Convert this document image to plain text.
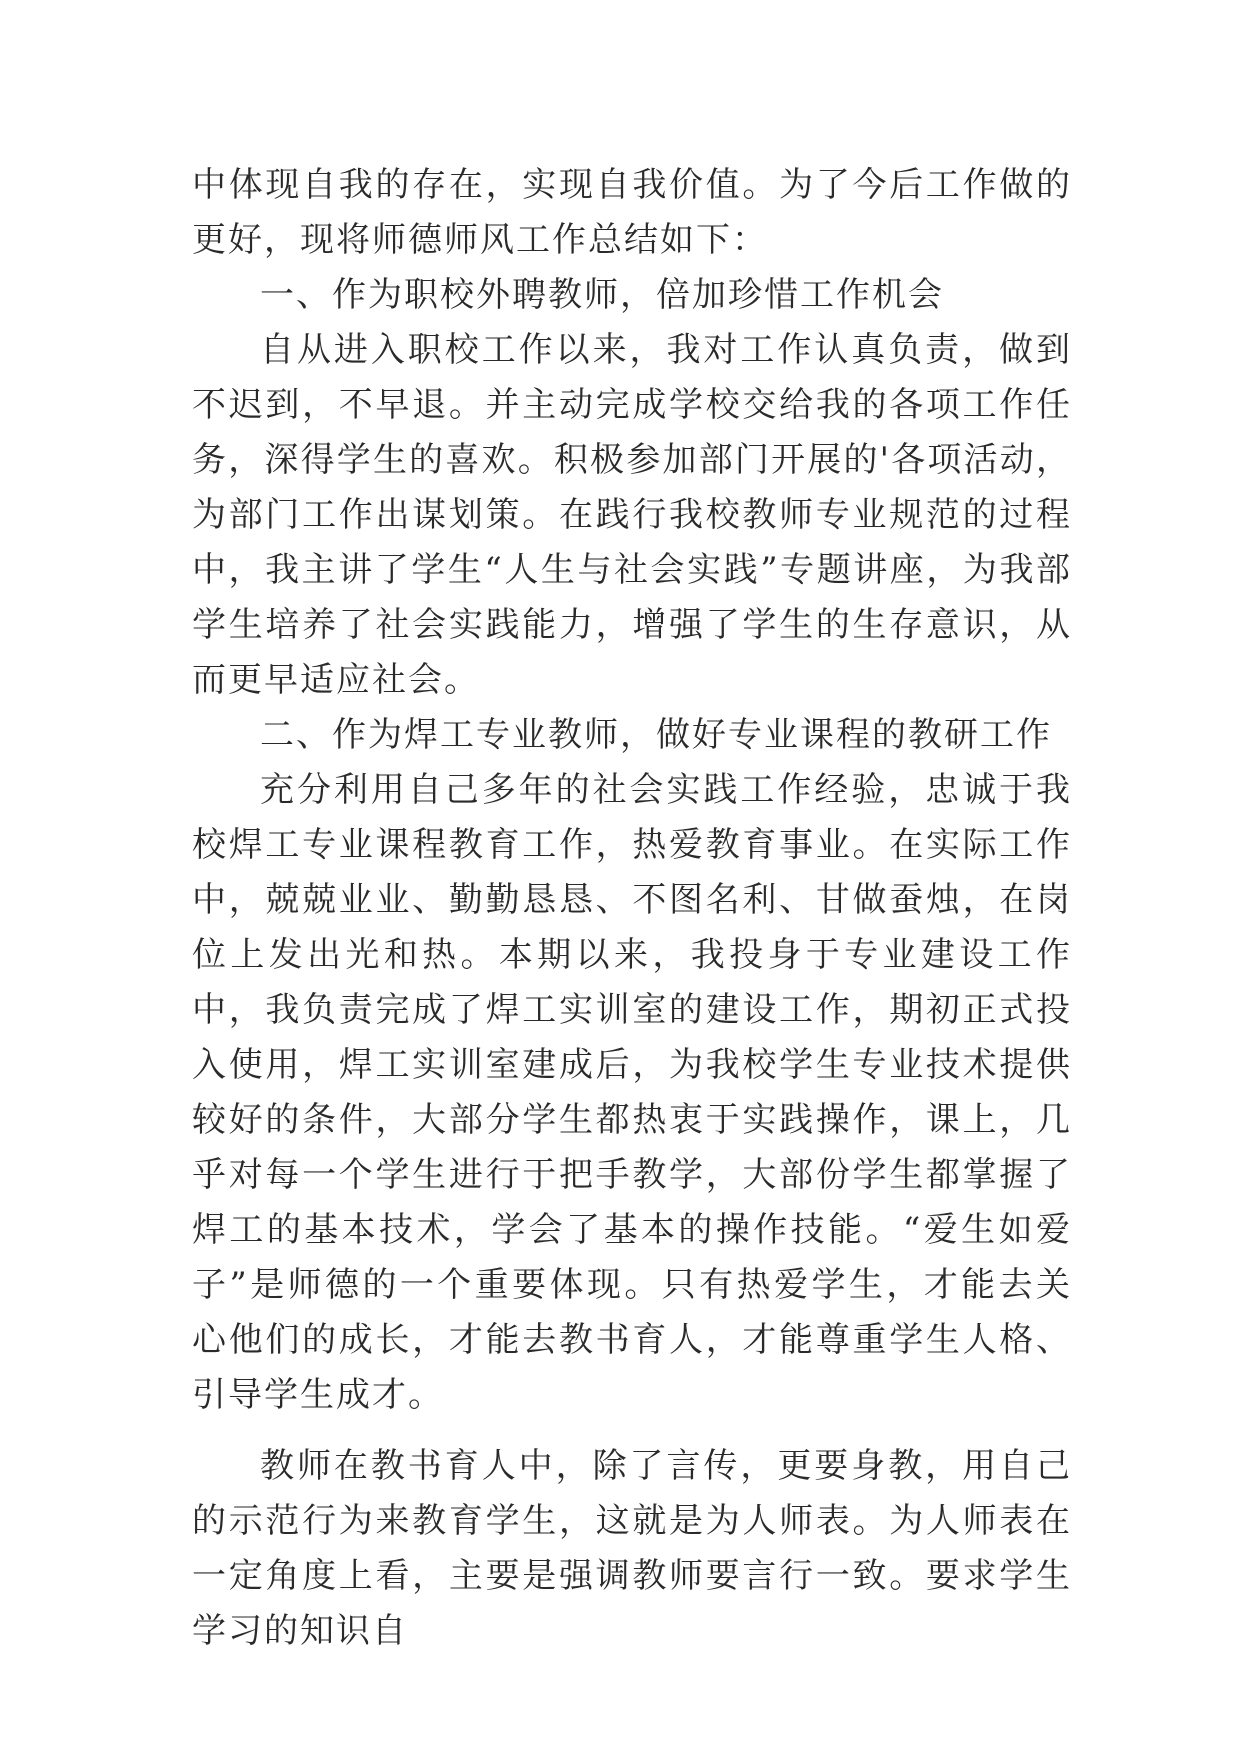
中体现自我的存在，实现自我价值。为了今后工作做的更好，现将师德师风工作总结如下：

一、作为职校外聘教师，倍加珍惜工作机会

自从进入职校工作以来，我对工作认真负责，做到不迟到，不早退。并主动完成学校交给我的各项工作任务，深得学生的喜欢。积极参加部门开展的'各项活动，为部门工作出谋划策。在践行我校教师专业规范的过程中，我主讲了学生“人生与社会实践”专题讲座，为我部学生培养了社会实践能力，增强了学生的生存意识，从而更早适应社会。

二、作为焊工专业教师，做好专业课程的教研工作

充分利用自己多年的社会实践工作经验，忠诚于我校焊工专业课程教育工作，热爱教育事业。在实际工作中，兢兢业业、勤勤恳恳、不图名利、甘做蚕烛，在岗位上发出光和热。本期以来，我投身于专业建设工作中，我负责完成了焊工实训室的建设工作，期初正式投入使用，焊工实训室建成后，为我校学生专业技术提供较好的条件，大部分学生都热衷于实践操作，课上，几乎对每一个学生进行于把手教学，大部份学生都掌握了焊工的基本技术，学会了基本的操作技能。“爱生如爱子”是师德的一个重要体现。只有热爱学生，才能去关心他们的成长，才能去教书育人，才能尊重学生人格、引导学生成才。

教师在教书育人中，除了言传，更要身教，用自己的示范行为来教育学生，这就是为人师表。为人师表在一定角度上看，主要是强调教师要言行一致。要求学生学习的知识自
